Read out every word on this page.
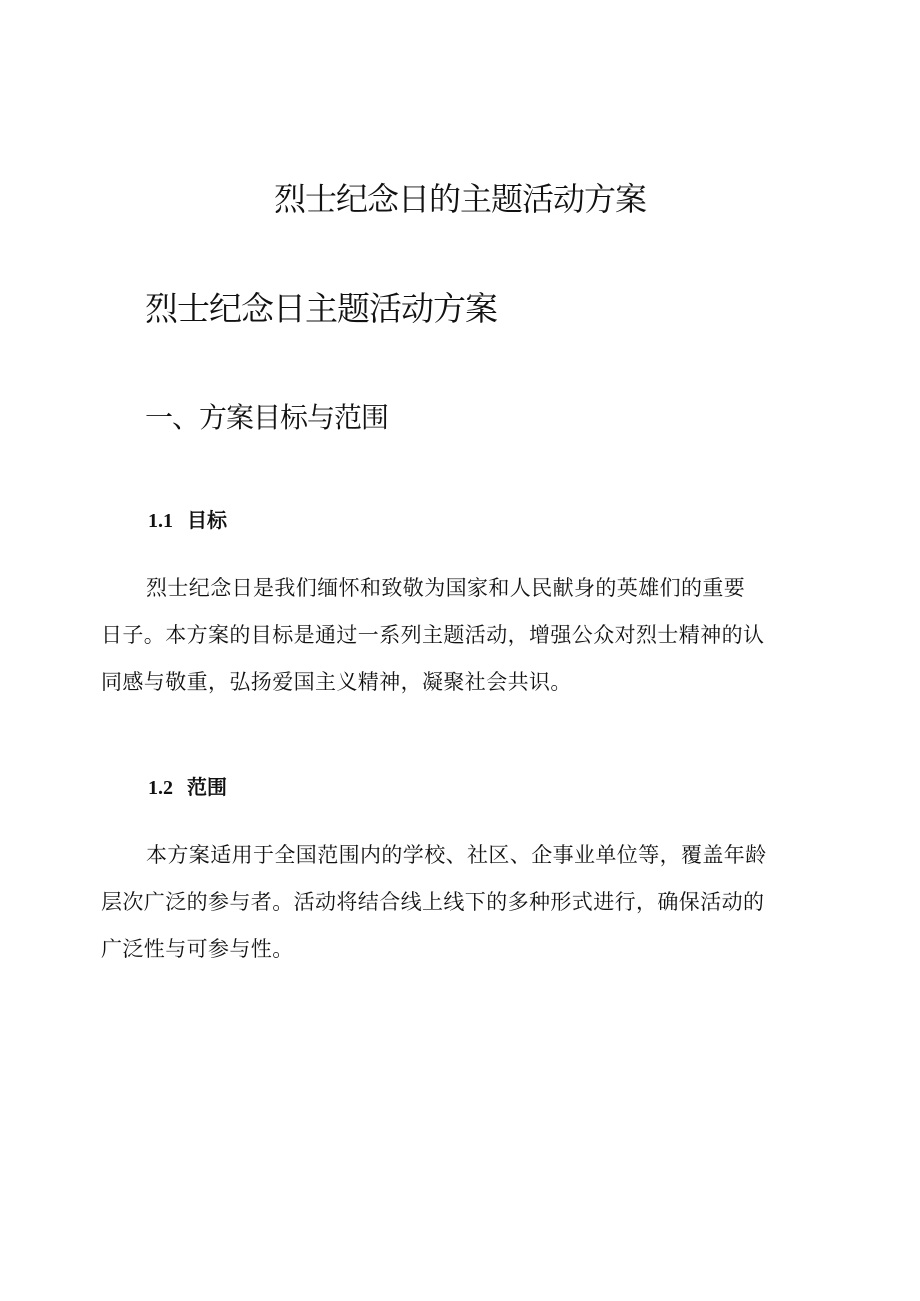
烈士纪念日的主题活动方案
烈士纪念日主题活动方案
一、方案目标与范围
1.1 目标

烈士纪念日是我们缅怀和致敬为国家和人民献身的英雄们的重要
日子。本方案的目标是通过一系列主题活动，增强公众对烈士精神的认
同感与敬重，弘扬爱国主义精神，凝聚社会共识。

1.2 范围

本方案适用于全国范围内的学校、社区、企事业单位等，覆盖年龄
层次广泛的参与者。活动将结合线上线下的多种形式进行，确保活动的
广泛性与可参与性。
